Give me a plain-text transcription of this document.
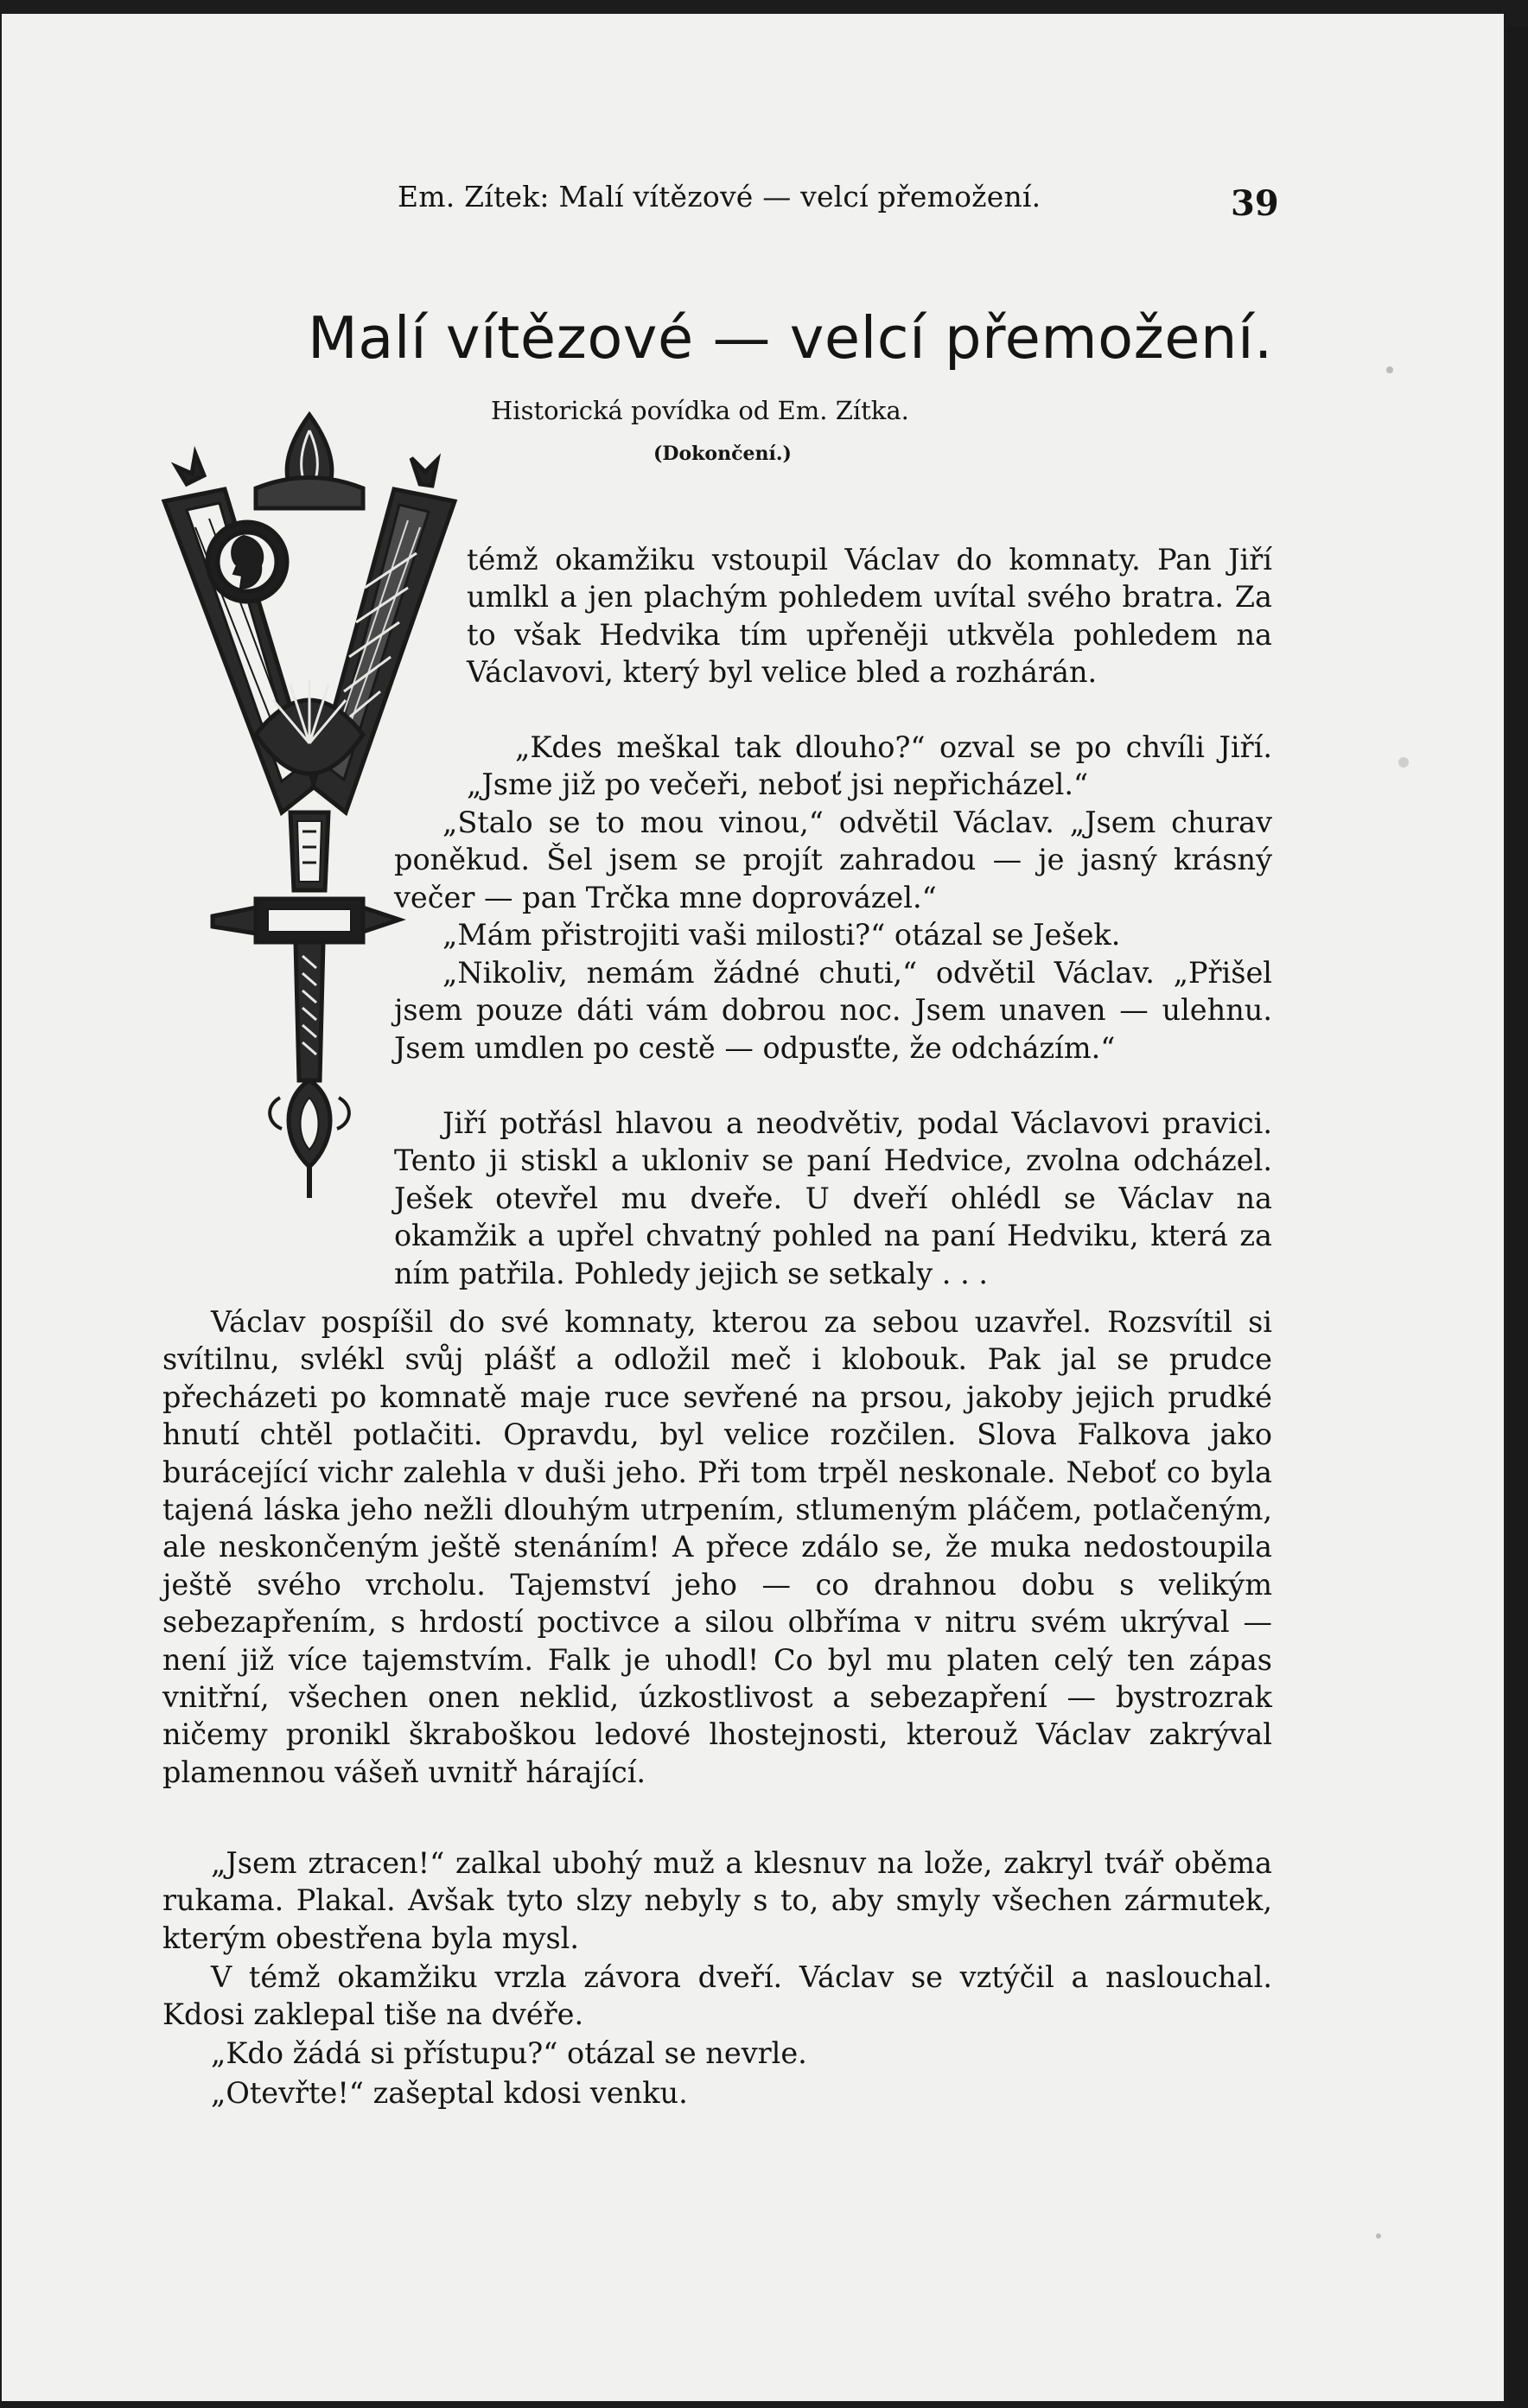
Em. Zítek: Malí vítězové — velcí přemožení.	39
Malí vítězové — velcí přemožení.
Historická povídka od Em. Zítka.
(Dokončení.)

témž okamžiku vstoupil Václav do komnaty. Pan Jiří umlkl a jen plachým pohledem uvítal svého bratra. Za to však Hedvika tím upřeněji utkvěla pohledem na Václavovi, který byl velice bled a rozhárán.

„Kdes meškal tak dlouho?“ ozval se po chvíli Jiří. „Jsme již po večeři, neboť jsi nepřicházel.“

„Stalo se to mou vinou,“ odvětil Václav. „Jsem churav poněkud. Šel jsem se projít zahradou — je jasný krásný večer — pan Trčka mne doprovázel.“

„Mám přistrojiti vaši milosti?“ otázal se Ješek.

„Nikoliv, nemám žádné chuti,“ odvětil Václav. „Přišel jsem pouze dáti vám dobrou noc. Jsem unaven — ulehnu. Jsem umdlen po cestě — odpusťte, že odcházím.“

Jiří potřásl hlavou a neodvětiv, podal Václavovi pravici. Tento ji stiskl a ukloniv se paní Hedvice, zvolna odcházel. Ješek otevřel mu dveře. U dveří ohlédl se Václav na okamžik a upřel chvatný pohled na paní Hedviku, která za ním patřila. Pohledy jejich se setkaly . . .

Václav pospíšil do své komnaty, kterou za sebou uzavřel. Rozsvítil si svítilnu, svlékl svůj plášť a odložil meč i klobouk. Pak jal se prudce přecházeti po komnatě maje ruce sevřené na prsou, jakoby jejich prudké hnutí chtěl potlačiti. Opravdu, byl velice rozčilen. Slova Falkova jako burácející vichr zalehla v duši jeho. Při tom trpěl neskonale. Neboť co byla tajená láska jeho nežli dlouhým utrpením, stlumeným pláčem, potlačeným, ale neskončeným ještě stenáním! A přece zdálo se, že muka nedostoupila ještě svého vrcholu. Tajemství jeho — co drahnou dobu s velikým sebezapřením, s hrdostí poctivce a silou olbříma v nitru svém ukrýval — není již více tajemstvím. Falk je uhodl! Co byl mu platen celý ten zápas vnitřní, všechen onen neklid, úzkostlivost a sebezapření — bystrozrak ničemy pronikl škraboškou ledové lhostejnosti, kterouž Václav zakrýval plamennou vášeň uvnitř hárající.

„Jsem ztracen!“ zalkal ubohý muž a klesnuv na lože, zakryl tvář oběma rukama. Plakal. Avšak tyto slzy nebyly s to, aby smyly všechen zármutek, kterým obestřena byla mysl.

V témž okamžiku vrzla závora dveří. Václav se vztýčil a naslouchal. Kdosi zaklepal tiše na dvéře.

„Kdo žádá si přístupu?“ otázal se nevrle.

„Otevřte!“ zašeptal kdosi venku.
